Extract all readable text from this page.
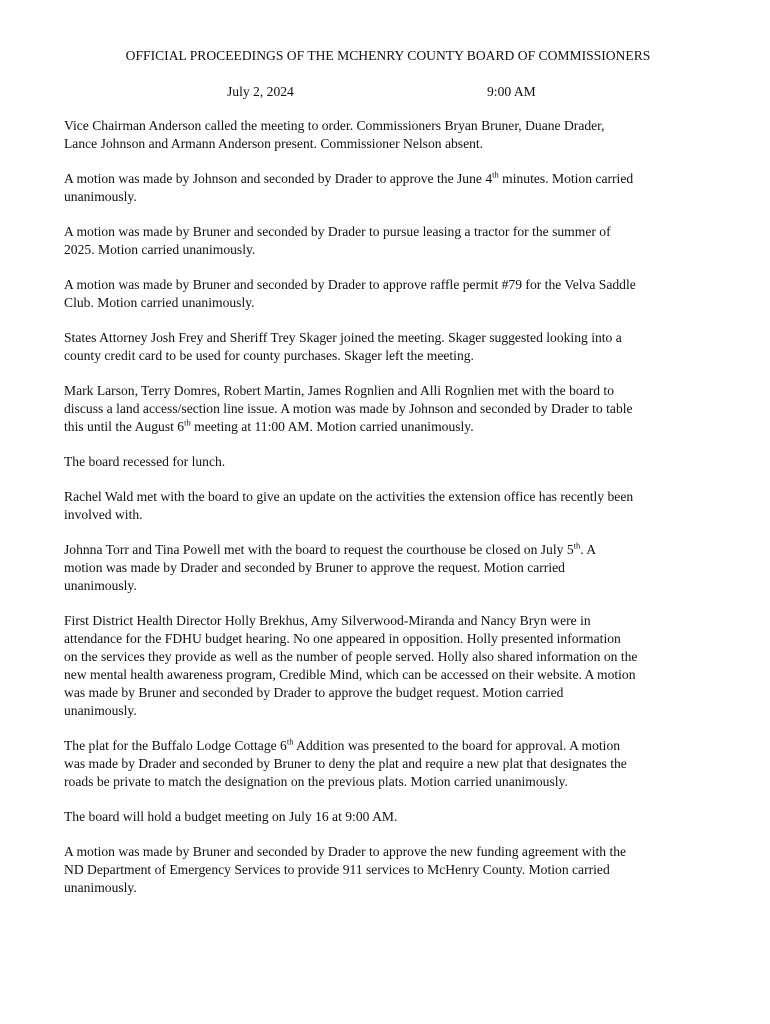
OFFICIAL PROCEEDINGS OF THE MCHENRY COUNTY BOARD OF COMMISSIONERS
July 2, 2024	9:00 AM

Vice Chairman Anderson called the meeting to order. Commissioners Bryan Bruner, Duane Drader,
Lance Johnson and Armann Anderson present. Commissioner Nelson absent.

A motion was made by Johnson and seconded by Drader to approve the June 4th minutes. Motion carried
unanimously.

A motion was made by Bruner and seconded by Drader to pursue leasing a tractor for the summer of
2025. Motion carried unanimously.

A motion was made by Bruner and seconded by Drader to approve raffle permit #79 for the Velva Saddle
Club. Motion carried unanimously.

States Attorney Josh Frey and Sheriff Trey Skager joined the meeting. Skager suggested looking into a
county credit card to be used for county purchases. Skager left the meeting.

Mark Larson, Terry Domres, Robert Martin, James Rognlien and Alli Rognlien met with the board to
discuss a land access/section line issue. A motion was made by Johnson and seconded by Drader to table
this until the August 6th meeting at 11:00 AM. Motion carried unanimously.

The board recessed for lunch.

Rachel Wald met with the board to give an update on the activities the extension office has recently been
involved with.

Johnna Torr and Tina Powell met with the board to request the courthouse be closed on July 5th. A
motion was made by Drader and seconded by Bruner to approve the request. Motion carried
unanimously.

First District Health Director Holly Brekhus, Amy Silverwood-Miranda and Nancy Bryn were in
attendance for the FDHU budget hearing. No one appeared in opposition. Holly presented information
on the services they provide as well as the number of people served. Holly also shared information on the
new mental health awareness program, Credible Mind, which can be accessed on their website. A motion
was made by Bruner and seconded by Drader to approve the budget request. Motion carried
unanimously.

The plat for the Buffalo Lodge Cottage 6th Addition was presented to the board for approval. A motion
was made by Drader and seconded by Bruner to deny the plat and require a new plat that designates the
roads be private to match the designation on the previous plats. Motion carried unanimously.

The board will hold a budget meeting on July 16 at 9:00 AM.

A motion was made by Bruner and seconded by Drader to approve the new funding agreement with the
ND Department of Emergency Services to provide 911 services to McHenry County. Motion carried
unanimously.
